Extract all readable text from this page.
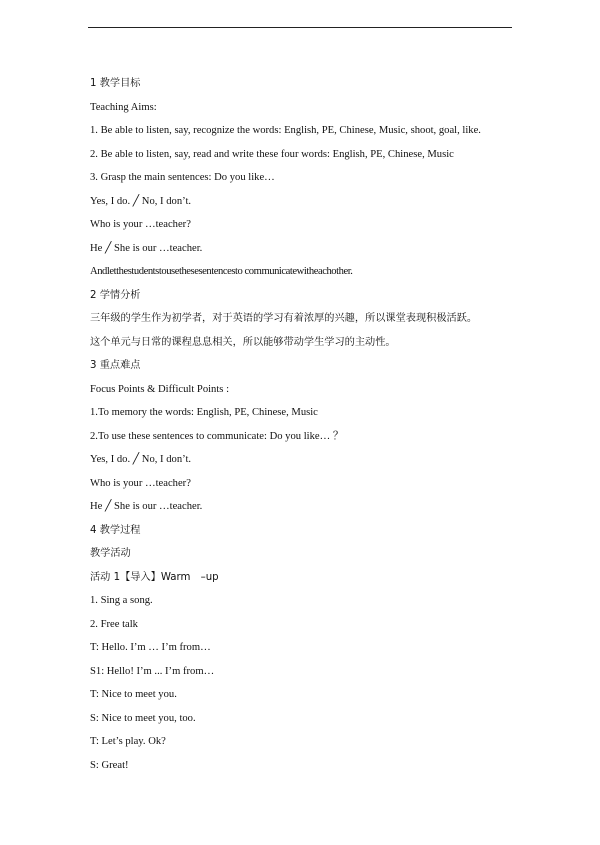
1 教学目标
Teaching Aims:
1. Be able to listen, say, recognize the words: English, PE, Chinese, Music, shoot, goal, like.
2. Be able to listen, say, read and write these four words: English, PE, Chinese, Music
3. Grasp the main sentences: Do you like…
Yes, I do. ╱ No, I don’t.
Who is your …teacher?
He ╱ She is our …teacher.
Andletthestudentstousethesesentencesto communicatewitheachother.
2 学情分析
三年级的学生作为初学者，对于英语的学习有着浓厚的兴趣，所以课堂表现积极活跃。
这个单元与日常的课程息息相关，所以能够带动学生学习的主动性。
3 重点难点
Focus Points & Difficult Points :
1.To memory the words: English, PE, Chinese, Music
2.To use these sentences to communicate: Do you like… ？
Yes, I do. ╱ No, I don’t.
Who is your …teacher?
He ╱ She is our …teacher.
4 教学过程
教学活动
活动 1【导入】Warm　–up
1. Sing a song.
2. Free talk
T: Hello. I’m … I’m from…
S1: Hello! I’m ... I’m from…
T: Nice to meet you.
S: Nice to meet you, too.
T: Let’s play. Ok?
S: Great!
